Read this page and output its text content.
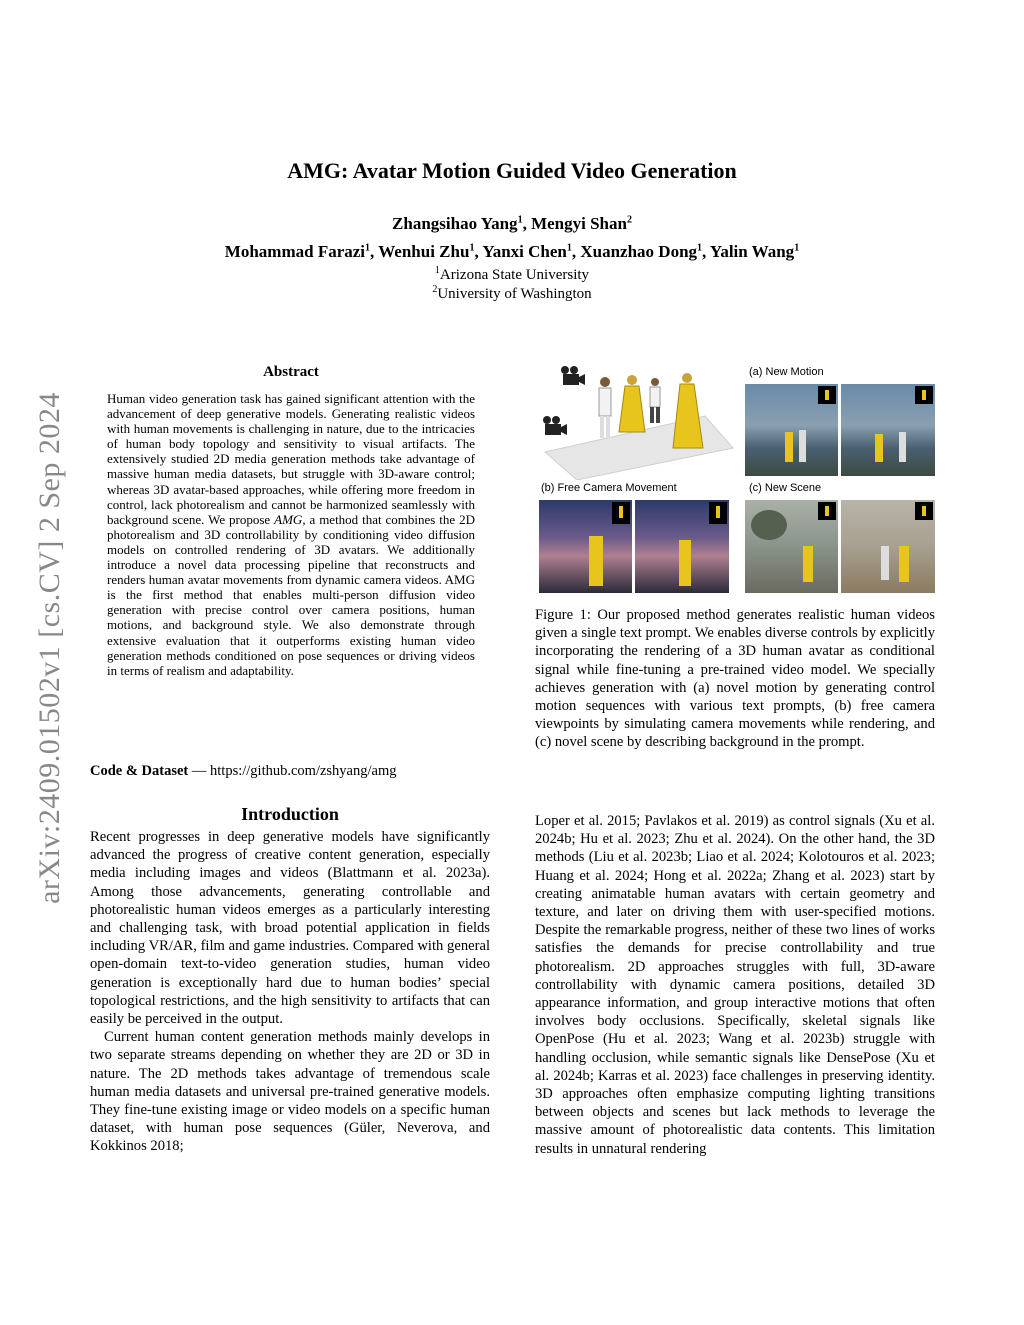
arXiv:2409.01502v1 [cs.CV] 2 Sep 2024
AMG: Avatar Motion Guided Video Generation
Zhangsihao Yang$^1$, Mengyi Shan$^2$
Mohammad Farazi$^1$, Wenhui Zhu$^1$, Yanxi Chen$^1$, Xuanzhao Dong$^1$, Yalin Wang$^1$
$^1$Arizona State University
$^2$University of Washington
Abstract

Human video generation task has gained significant attention with the advancement of deep generative models. Generating realistic videos with human movements is challenging in nature, due to the intricacies of human body topology and sensitivity to visual artifacts. The extensively studied 2D media generation methods take advantage of massive human media datasets, but struggle with 3D-aware control; whereas 3D avatar-based approaches, while offering more freedom in control, lack photorealism and cannot be harmonized seamlessly with background scene. We propose AMG, a method that combines the 2D photorealism and 3D controllability by conditioning video diffusion models on controlled rendering of 3D avatars. We additionally introduce a novel data processing pipeline that reconstructs and renders human avatar movements from dynamic camera videos. AMG is the first method that enables multi-person diffusion video generation with precise control over camera positions, human motions, and background style. We also demonstrate through extensive evaluation that it outperforms existing human video generation methods conditioned on pose sequences or driving videos in terms of realism and adaptability.

Code & Dataset — https://github.com/zshyang/amg
Introduction

Recent progresses in deep generative models have significantly advanced the progress of creative content generation, especially media including images and videos (Blattmann et al. 2023a). Among those advancements, generating controllable and photorealistic human videos emerges as a particularly interesting and challenging task, with broad potential application in fields including VR/AR, film and game industries. Compared with general open-domain text-to-video generation studies, human video generation is exceptionally hard due to human bodies’ special topological restrictions, and the high sensitivity to artifacts that can easily be perceived in the output.

Current human content generation methods mainly develops in two separate streams depending on whether they are 2D or 3D in nature. The 2D methods takes advantage of tremendous scale human media datasets and universal pre-trained generative models. They fine-tune existing image or video models on a specific human dataset, with human pose sequences (Güler, Neverova, and Kokkinos 2018;

(a) New Motion
(b) Free Camera Movement	(c) New Scene

Figure 1: Our proposed method generates realistic human videos given a single text prompt. We enables diverse controls by explicitly incorporating the rendering of a 3D human avatar as conditional signal while fine-tuning a pre-trained video model. We specially achieves generation with (a) novel motion by generating control motion sequences with various text prompts, (b) free camera viewpoints by simulating camera movements while rendering, and (c) novel scene by describing background in the prompt.

Loper et al. 2015; Pavlakos et al. 2019) as control signals (Xu et al. 2024b; Hu et al. 2023; Zhu et al. 2024). On the other hand, the 3D methods (Liu et al. 2023b; Liao et al. 2024; Kolotouros et al. 2023; Huang et al. 2024; Hong et al. 2022a; Zhang et al. 2023) start by creating animatable human avatars with certain geometry and texture, and later on driving them with user-specified motions. Despite the remarkable progress, neither of these two lines of works satisfies the demands for precise controllability and true photorealism. 2D approaches struggles with full, 3D-aware controllability with dynamic camera positions, detailed 3D appearance information, and group interactive motions that often involves body occlusions. Specifically, skeletal signals like OpenPose (Hu et al. 2023; Wang et al. 2023b) struggle with handling occlusion, while semantic signals like DensePose (Xu et al. 2024b; Karras et al. 2023) face challenges in preserving identity. 3D approaches often emphasize computing lighting transitions between objects and scenes but lack methods to leverage the massive amount of photorealistic data contents. This limitation results in unnatural rendering
